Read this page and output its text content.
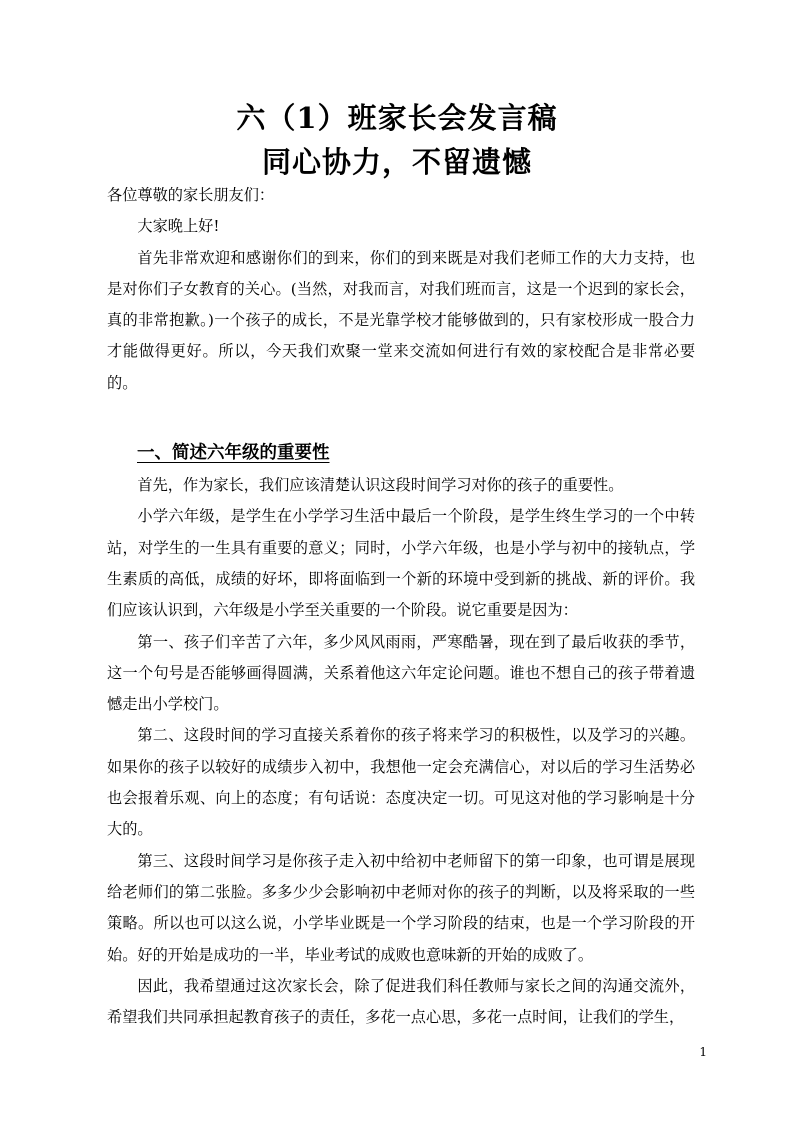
六（1）班家长会发言稿
同心协力，不留遗憾

各位尊敬的家长朋友们：

大家晚上好!

首先非常欢迎和感谢你们的到来，你们的到来既是对我们老师工作的大力支持，也是对你们子女教育的关心。(当然，对我而言，对我们班而言，这是一个迟到的家长会，真的非常抱歉。)一个孩子的成长，不是光靠学校才能够做到的，只有家校形成一股合力才能做得更好。所以，今天我们欢聚一堂来交流如何进行有效的家校配合是非常必要的。

一、简述六年级的重要性

首先，作为家长，我们应该清楚认识这段时间学习对你的孩子的重要性。

小学六年级，是学生在小学学习生活中最后一个阶段，是学生终生学习的一个中转站，对学生的一生具有重要的意义；同时，小学六年级，也是小学与初中的接轨点，学生素质的高低，成绩的好坏，即将面临到一个新的环境中受到新的挑战、新的评价。我们应该认识到，六年级是小学至关重要的一个阶段。说它重要是因为：

第一、孩子们辛苦了六年，多少风风雨雨，严寒酷暑，现在到了最后收获的季节，这一个句号是否能够画得圆满，关系着他这六年定论问题。谁也不想自己的孩子带着遗憾走出小学校门。

第二、这段时间的学习直接关系着你的孩子将来学习的积极性，以及学习的兴趣。如果你的孩子以较好的成绩步入初中，我想他一定会充满信心，对以后的学习生活势必也会报着乐观、向上的态度；有句话说：态度决定一切。可见这对他的学习影响是十分大的。

第三、这段时间学习是你孩子走入初中给初中老师留下的第一印象，也可谓是展现给老师们的第二张脸。多多少少会影响初中老师对你的孩子的判断，以及将采取的一些策略。所以也可以这么说，小学毕业既是一个学习阶段的结束，也是一个学习阶段的开始。好的开始是成功的一半，毕业考试的成败也意味新的开始的成败了。

因此，我希望通过这次家长会，除了促进我们科任教师与家长之间的沟通交流外，希望我们共同承担起教育孩子的责任，多花一点心思，多花一点时间，让我们的学生，

1
